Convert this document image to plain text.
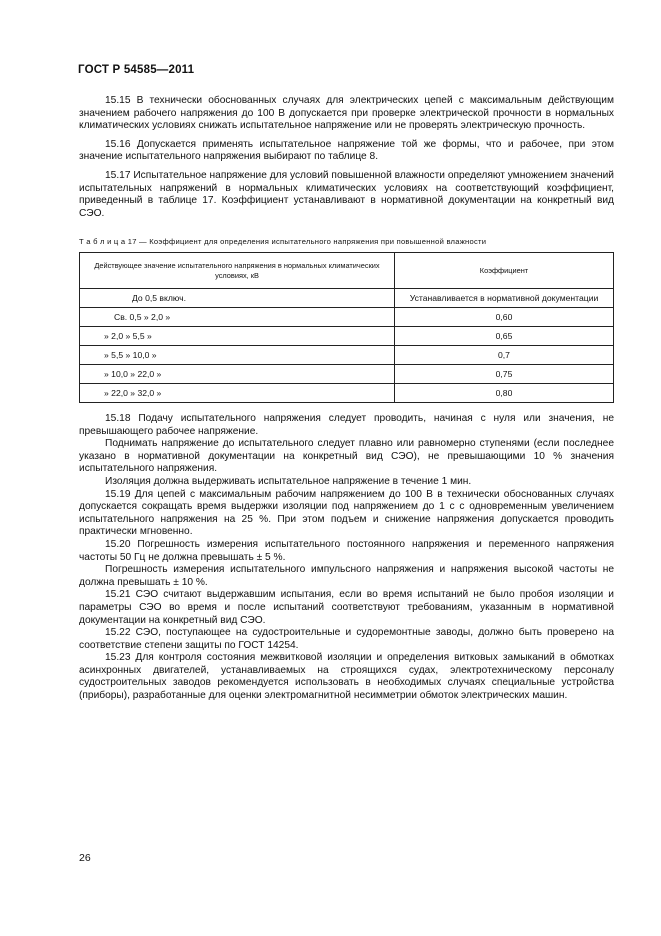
ГОСТ Р 54585—2011

15.15 В технически обоснованных случаях для электрических цепей с максимальным действующим значением рабочего напряжения до 100 В допускается при проверке электрической прочности в нормальных климатических условиях снижать испытательное напряжение или не проверять электрическую прочность.

15.16 Допускается применять испытательное напряжение той же формы, что и рабочее, при этом значение испытательного напряжения выбирают по таблице 8.

15.17 Испытательное напряжение для условий повышенной влажности определяют умножением значений испытательных напряжений в нормальных климатических условиях на соответствующий коэффициент, приведенный в таблице 17. Коэффициент устанавливают в нормативной документации на конкретный вид СЭО.

Т а б л и ц а 17 — Коэффициент для определения испытательного напряжения при повышенной влажности
Действующее значение испытательного напряжения в нормальных климатических условиях, кВ	Коэффициент
До 0,5 включ.	Устанавливается в нормативной документации
Св. 0,5 » 2,0 »	0,60
» 2,0 » 5,5 »	0,65
» 5,5 » 10,0 »	0,7
» 10,0 » 22,0 »	0,75
» 22,0 » 32,0 »	0,80

15.18 Подачу испытательного напряжения следует проводить, начиная с нуля или значения, не превышающего рабочее напряжение.

Поднимать напряжение до испытательного следует плавно или равномерно ступенями (если последнее указано в нормативной документации на конкретный вид СЭО), не превышающими 10 % значения испытательного напряжения.

Изоляция должна выдерживать испытательное напряжение в течение 1 мин.

15.19 Для цепей с максимальным рабочим напряжением до 100 В в технически обоснованных случаях допускается сокращать время выдержки изоляции под напряжением до 1 с с одновременным увеличением испытательного напряжения на 25 %. При этом подъем и снижение напряжения допускается проводить практически мгновенно.

15.20 Погрешность измерения испытательного постоянного напряжения и переменного напряжения частоты 50 Гц не должна превышать ± 5 %.

Погрешность измерения испытательного импульсного напряжения и напряжения высокой частоты не должна превышать ± 10 %.

15.21 СЭО считают выдержавшим испытания, если во время испытаний не было пробоя изоляции и параметры СЭО во время и после испытаний соответствуют требованиям, указанным в нормативной документации на конкретный вид СЭО.

15.22 СЭО, поступающее на судостроительные и судоремонтные заводы, должно быть проверено на соответствие степени защиты по ГОСТ 14254.

15.23 Для контроля состояния межвитковой изоляции и определения витковых замыканий в обмотках асинхронных двигателей, устанавливаемых на строящихся судах, электротехническому персоналу судостроительных заводов рекомендуется использовать в необходимых случаях специальные устройства (приборы), разработанные для оценки электромагнитной несимметрии обмоток электрических машин.

26
